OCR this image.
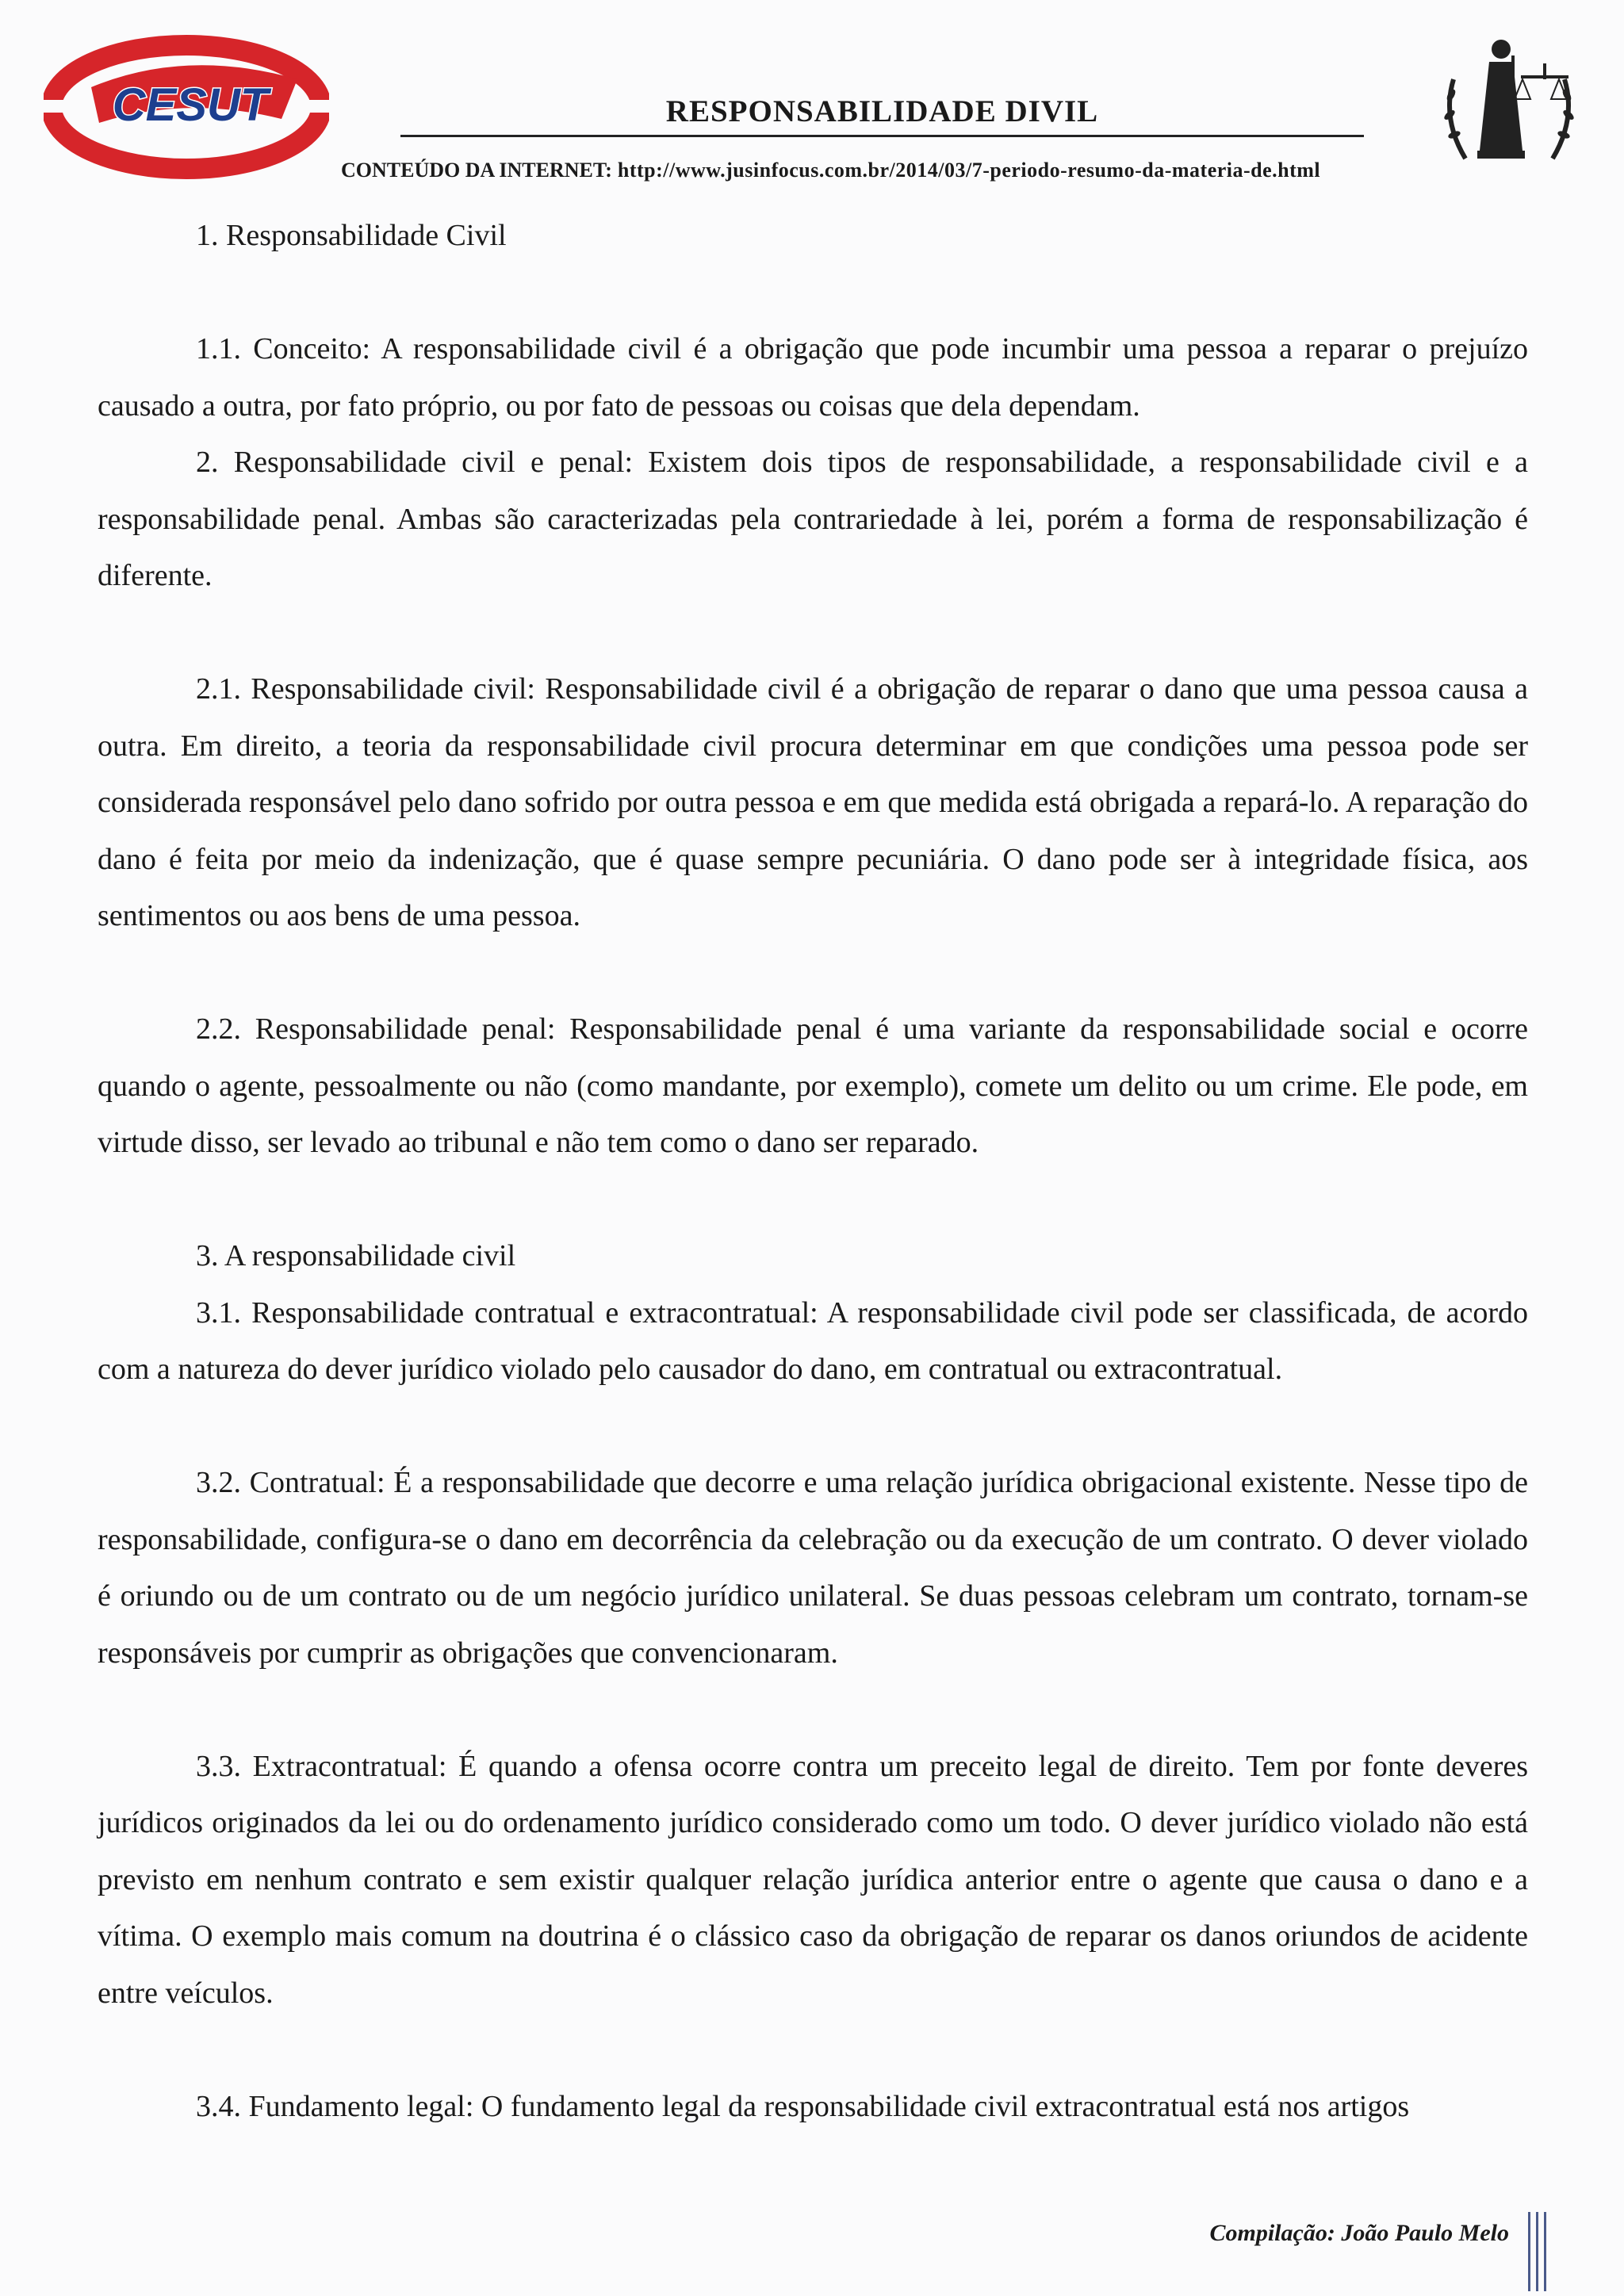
CESUT	RESPONSABILIDADE DIVIL
CONTEÚDO DA INTERNET: http://www.jusinfocus.com.br/2014/03/7-periodo-resumo-da-materia-de.html

1. Responsabilidade Civil

1.1. Conceito: A responsabilidade civil é a obrigação que pode incumbir uma pessoa a reparar o prejuízo causado a outra, por fato próprio, ou por fato de pessoas ou coisas que dela dependam.

2. Responsabilidade civil e penal: Existem dois tipos de responsabilidade, a responsabilidade civil e a responsabilidade penal. Ambas são caracterizadas pela contrariedade à lei, porém a forma de responsabilização é diferente.

2.1. Responsabilidade civil: Responsabilidade civil é a obrigação de reparar o dano que uma pessoa causa a outra. Em direito, a teoria da responsabilidade civil procura determinar em que condições uma pessoa pode ser considerada responsável pelo dano sofrido por outra pessoa e em que medida está obrigada a repará-lo. A reparação do dano é feita por meio da indenização, que é quase sempre pecuniária. O dano pode ser à integridade física, aos sentimentos ou aos bens de uma pessoa.

2.2. Responsabilidade penal: Responsabilidade penal é uma variante da responsabilidade social e ocorre quando o agente, pessoalmente ou não (como mandante, por exemplo), comete um delito ou um crime. Ele pode, em virtude disso, ser levado ao tribunal e não tem como o dano ser reparado.

3. A responsabilidade civil

3.1. Responsabilidade contratual e extracontratual: A responsabilidade civil pode ser classificada, de acordo com a natureza do dever jurídico violado pelo causador do dano, em contratual ou extracontratual.

3.2. Contratual: É a responsabilidade que decorre e uma relação jurídica obrigacional existente. Nesse tipo de responsabilidade, configura-se o dano em decorrência da celebração ou da execução de um contrato. O dever violado é oriundo ou de um contrato ou de um negócio jurídico unilateral. Se duas pessoas celebram um contrato, tornam-se responsáveis por cumprir as obrigações que convencionaram.

3.3. Extracontratual: É quando a ofensa ocorre contra um preceito legal de direito. Tem por fonte deveres jurídicos originados da lei ou do ordenamento jurídico considerado como um todo. O dever jurídico violado não está previsto em nenhum contrato e sem existir qualquer relação jurídica anterior entre o agente que causa o dano e a vítima. O exemplo mais comum na doutrina é o clássico caso da obrigação de reparar os danos oriundos de acidente entre veículos.

3.4. Fundamento legal: O fundamento legal da responsabilidade civil extracontratual está nos artigos

Compilação: João Paulo Melo
